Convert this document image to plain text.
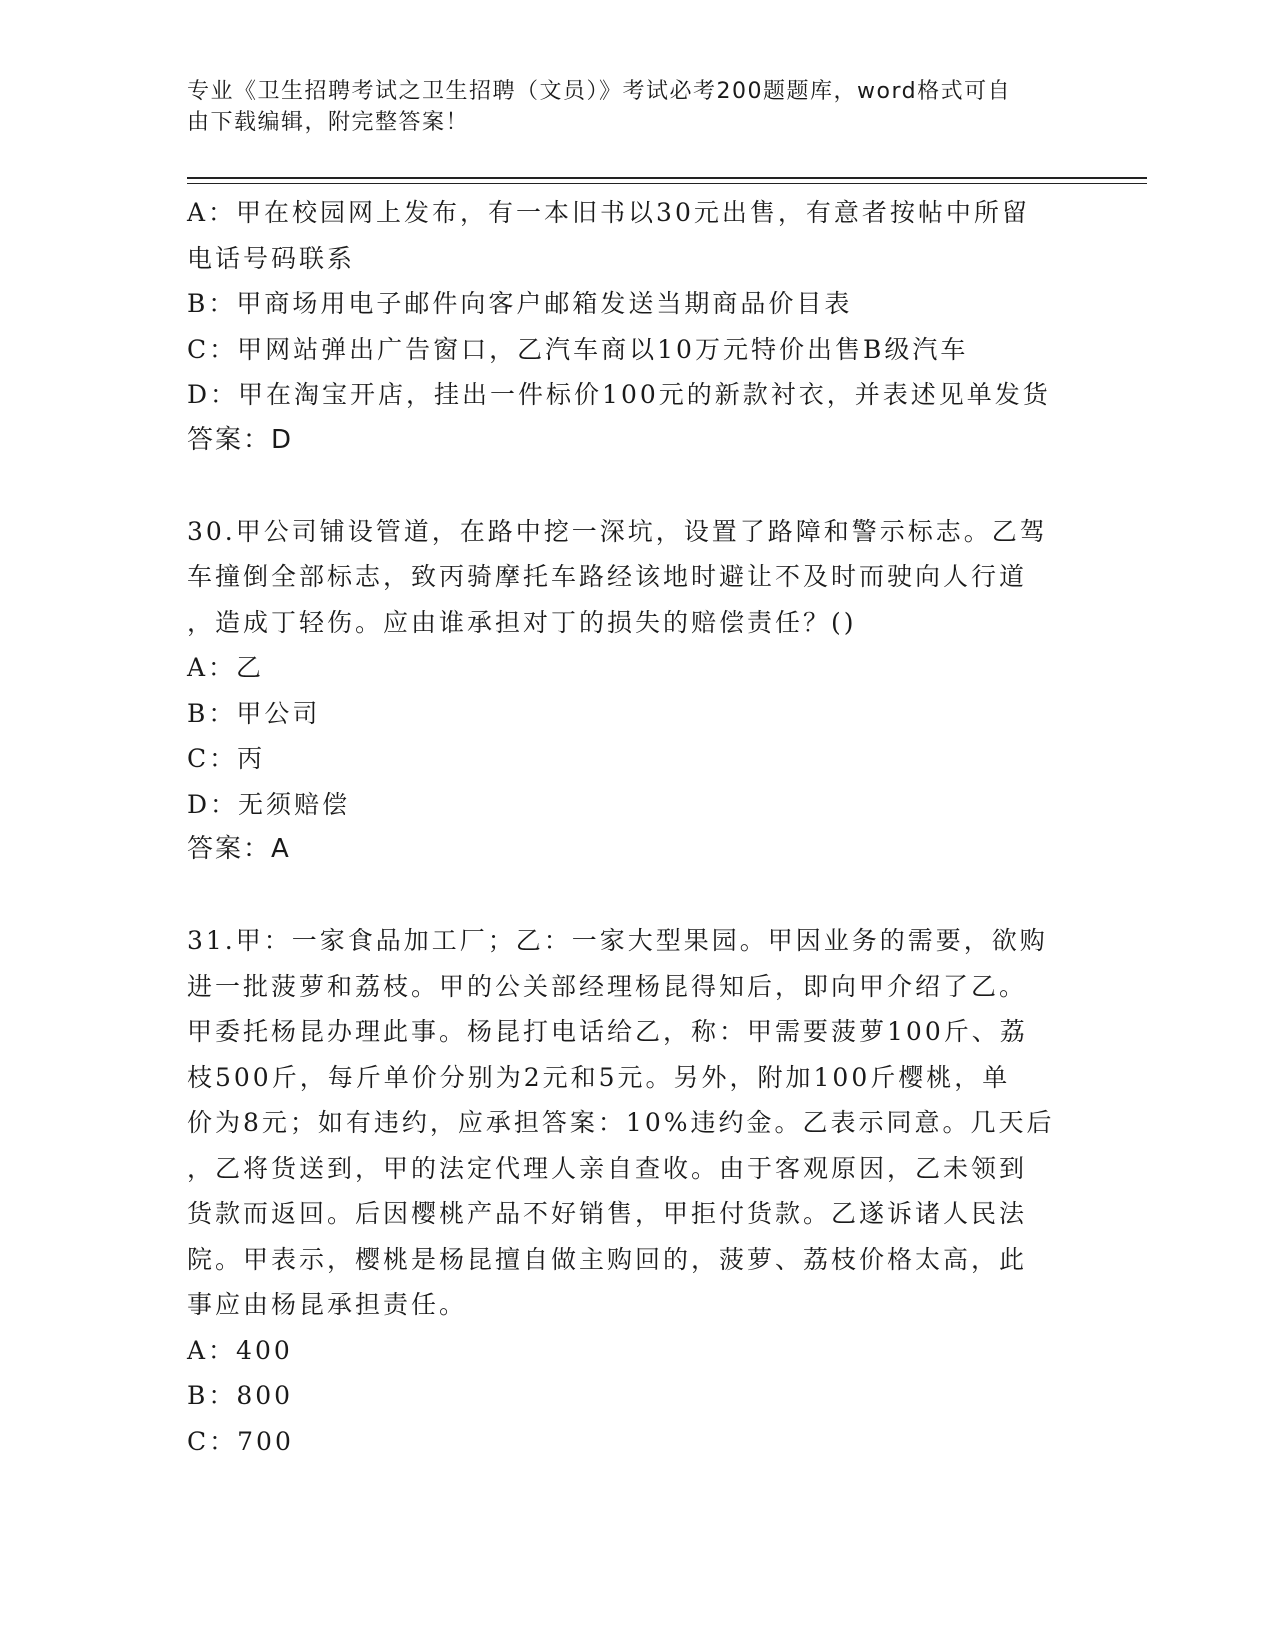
专业《卫生招聘考试之卫生招聘（文员）》考试必考200题题库，word格式可自
由下载编辑，附完整答案！
A：甲在校园网上发布，有一本旧书以30元出售，有意者按帖中所留
电话号码联系
B：甲商场用电子邮件向客户邮箱发送当期商品价目表
C：甲网站弹出广告窗口，乙汽车商以10万元特价出售B级汽车
D：甲在淘宝开店，挂出一件标价100元的新款衬衣，并表述见单发货
答案：D
30.甲公司铺设管道，在路中挖一深坑，设置了路障和警示标志。乙驾
车撞倒全部标志，致丙骑摩托车路经该地时避让不及时而驶向人行道
，造成丁轻伤。应由谁承担对丁的损失的赔偿责任？()
A：乙
B：甲公司
C：丙
D：无须赔偿
答案：A
31.甲：一家食品加工厂；乙：一家大型果园。甲因业务的需要，欲购
进一批菠萝和荔枝。甲的公关部经理杨昆得知后，即向甲介绍了乙。
甲委托杨昆办理此事。杨昆打电话给乙，称：甲需要菠萝100斤、荔
枝500斤，每斤单价分别为2元和5元。另外，附加100斤樱桃，单
价为8元；如有违约，应承担答案：10%违约金。乙表示同意。几天后
，乙将货送到，甲的法定代理人亲自查收。由于客观原因，乙未领到
货款而返回。后因樱桃产品不好销售，甲拒付货款。乙遂诉诸人民法
院。甲表示，樱桃是杨昆擅自做主购回的，菠萝、荔枝价格太高，此
事应由杨昆承担责任。
A：400
B：800
C：700
